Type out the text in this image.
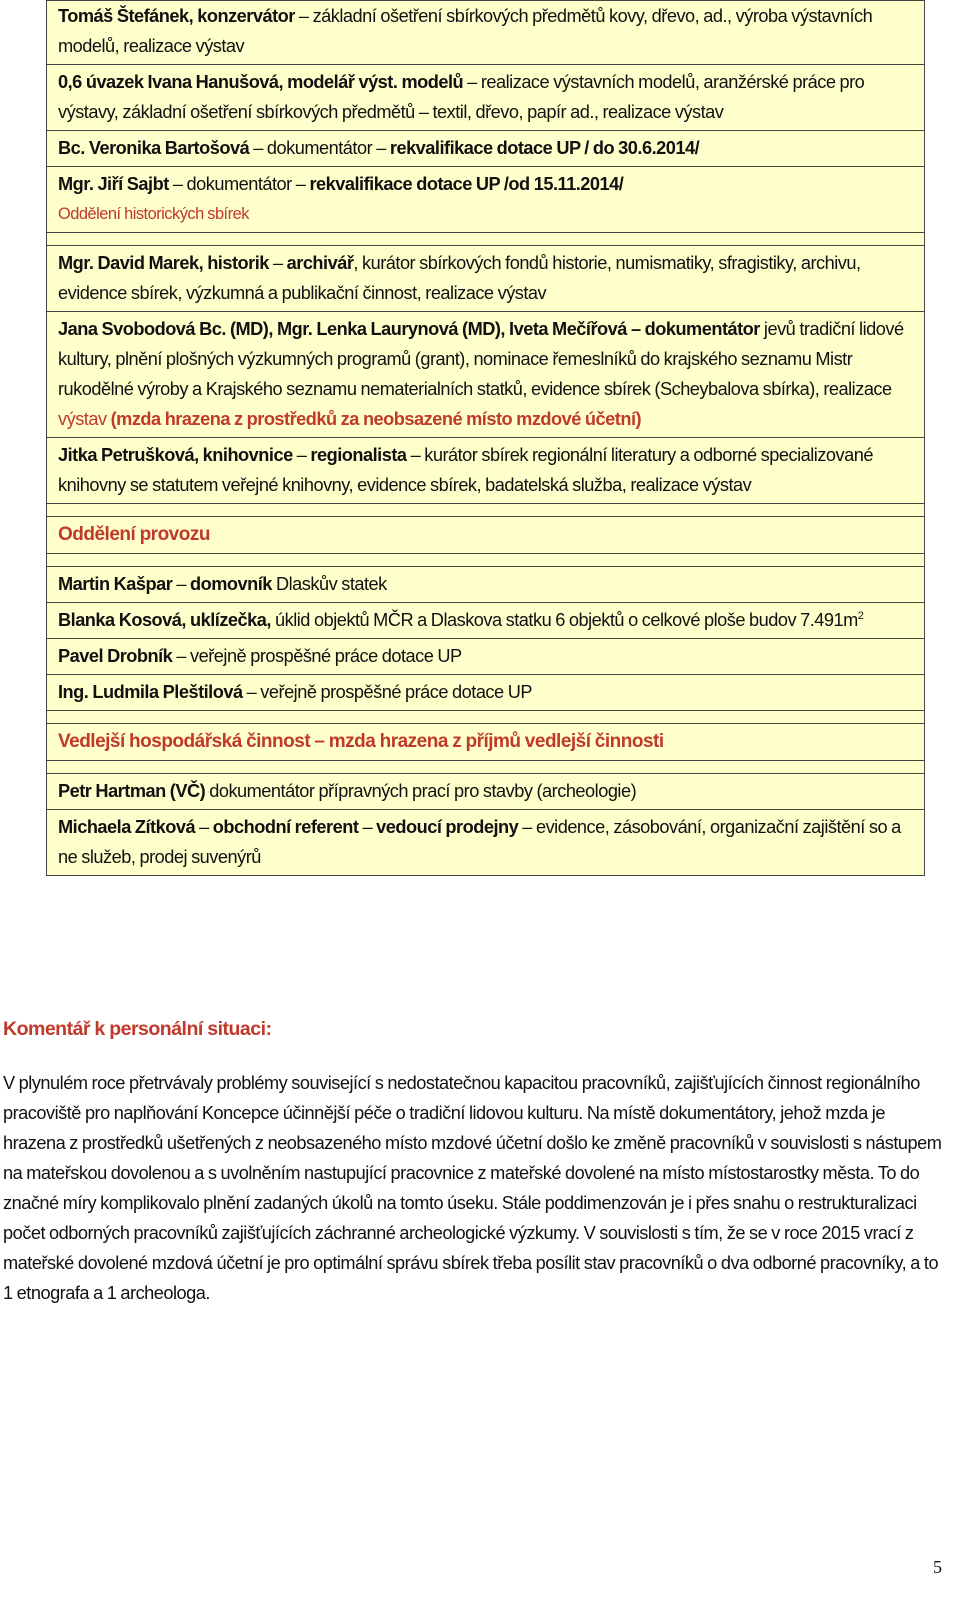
Tomáš Štefánek, konzervátor – základní ošetření sbírkových předmětů kovy, dřevo, ad., výroba výstavních modelů, realizace výstav
0,6 úvazek Ivana Hanušová, modelář výst. modelů – realizace výstavních modelů, aranžérské práce pro výstavy, základní ošetření sbírkových předmětů – textil, dřevo, papír ad., realizace výstav
Bc. Veronika Bartošová – dokumentátor – rekvalifikace dotace UP / do 30.6.2014/
Mgr. Jiří Sajbt – dokumentátor – rekvalifikace dotace UP /od 15.11.2014/
Oddělení historických sbírek

Mgr. David Marek, historik – archivář, kurátor sbírkových fondů historie, numismatiky, sfragistiky, archivu, evidence sbírek, výzkumná a publikační činnost, realizace výstav
Jana Svobodová Bc. (MD), Mgr. Lenka Laurynová (MD), Iveta Mečířová – dokumentátor jevů tradiční lidové kultury, plnění plošných výzkumných programů (grant), nominace řemeslníků do krajského seznamu Mistr rukodělné výroby a Krajského seznamu nematerialních statků, evidence sbírek (Scheybalova sbírka), realizace výstav (mzda hrazena z prostředků za neobsazené místo mzdové účetní)
Jitka Petrušková, knihovnice – regionalista – kurátor sbírek regionální literatury a odborné specializované knihovny se statutem veřejné knihovny, evidence sbírek, badatelská služba, realizace výstav

Oddělení provozu

Martin Kašpar – domovník Dlaskův statek
Blanka Kosová, uklízečka, úklid objektů MČR a Dlaskova statku 6 objektů o celkové ploše budov $7.491m^2$
Pavel Drobník – veřejně prospěšné práce dotace UP
Ing. Ludmila Pleštilová – veřejně prospěšné práce dotace UP

Vedlejší hospodářská činnost – mzda hrazena z příjmů vedlejší činnosti

Petr Hartman (VČ) dokumentátor přípravných prací pro stavby (archeologie)
Michaela Zítková – obchodní referent – vedoucí prodejny – evidence, zásobování, organizační zajištění so a ne služeb, prodej suvenýrů
Komentář k personální situaci:

V plynulém roce přetrvávaly problémy související s nedostatečnou kapacitou pracovníků, zajišťujících činnost regionálního pracoviště pro naplňování Koncepce účinnější péče o tradiční lidovou kulturu. Na místě dokumentátory, jehož mzda je hrazena z prostředků ušetřených z neobsazeného místo mzdové účetní došlo ke změně pracovníků v souvislosti s nástupem na mateřskou dovolenou a s uvolněním nastupující pracovnice z mateřské dovolené na místo místostarostky města. To do značné míry komplikovalo plnění zadaných úkolů na tomto úseku. Stále poddimenzován je i přes snahu o restrukturalizaci počet odborných pracovníků zajišťujících záchranné archeologické výzkumy. V souvislosti s tím, že se v roce 2015 vrací z mateřské dovolené mzdová účetní je pro optimální správu sbírek třeba posílit stav pracovníků o dva odborné pracovníky, a to 1 etnografa a 1 archeologa.

5
